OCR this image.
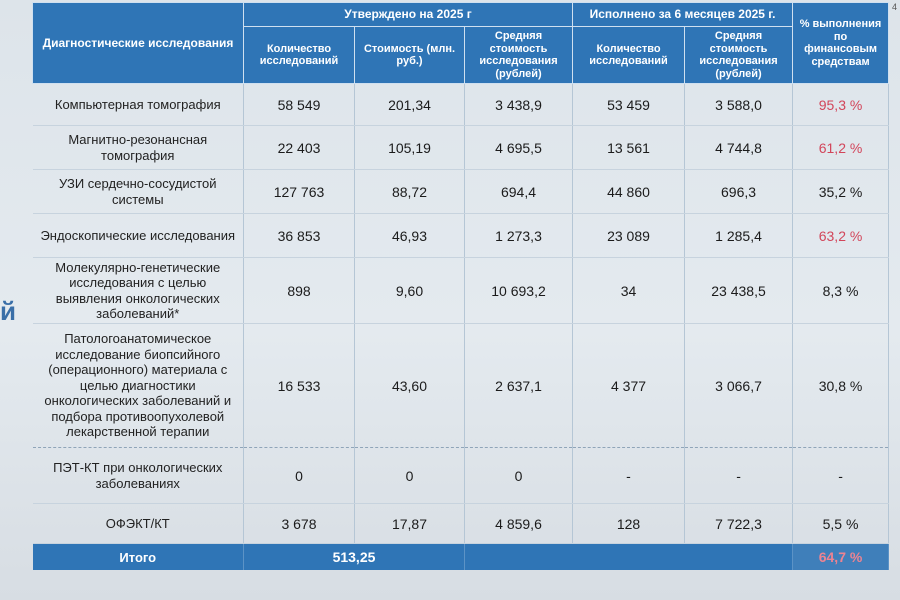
й
4
Диагностические исследования	Утверждено на 2025 г			Исполнено за 6 месяцев 2025 г.		% выполнения по финансовым средствам
	Количество исследований	Стоимость (млн. руб.)	Средняя стоимость исследования (рублей)	Количество исследований	Средняя стоимость исследования (рублей)	
Компьютерная томография	58 549	201,34	3 438,9	53 459	3 588,0	95,3 %
Магнитно-резонансная томография	22 403	105,19	4 695,5	13 561	4 744,8	61,2 %
УЗИ сердечно-сосудистой системы	127 763	88,72	694,4	44 860	696,3	35,2 %
Эндоскопические исследования	36 853	46,93	1 273,3	23 089	1 285,4	63,2 %
Молекулярно-генетические исследования с целью выявления онкологических заболеваний*	898	9,60	10 693,2	34	23 438,5	8,3 %
Патологоанатомическое исследование биопсийного (операционного) материала с целью диагностики онкологических заболеваний и подбора противоопухолевой лекарственной терапии	16 533	43,60	2 637,1	4 377	3 066,7	30,8 %
ПЭТ-КТ при онкологических заболеваниях	0	0	0	-	-	-
ОФЭКТ/КТ	3 678	17,87	4 859,6	128	7 722,3	5,5 %
Итого	513,25					64,7 %
